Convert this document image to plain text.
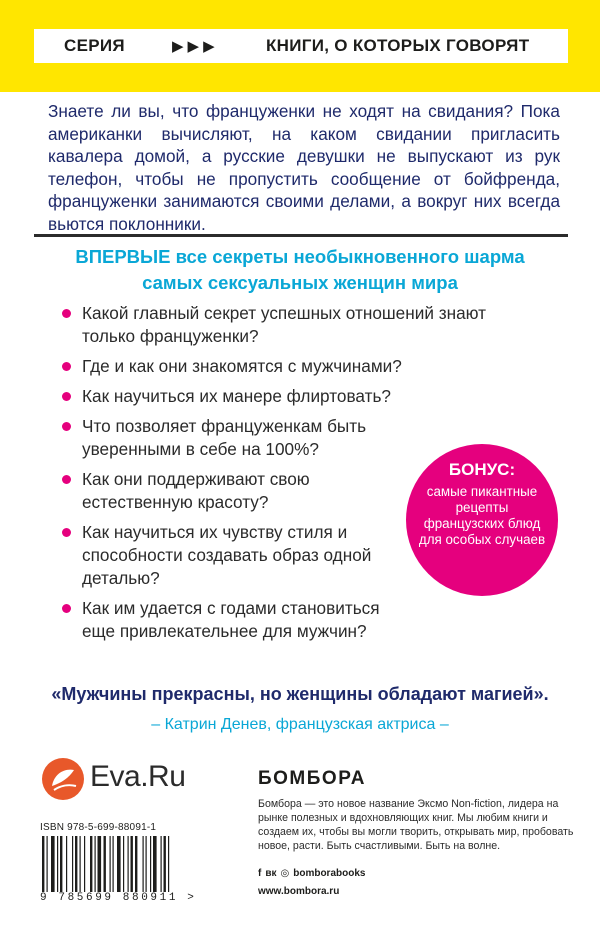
СЕРИЯ	▶▶▶	КНИГИ, О КОТОРЫХ ГОВОРЯТ

Знаете ли вы, что француженки не ходят на свидания? Пока американки вычисляют, на каком свидании пригласить кавалера домой, а русские девушки не выпускают из рук телефон, чтобы не пропустить сообщение от бойфренда, француженки занимаются своими делами, а вокруг них всегда вьются поклонники.

ВПЕРВЫЕ все секреты необыкновенного шарма
самых сексуальных женщин мира
Какой главный секрет успешных отношений знают только француженки?
Где и как они знакомятся с мужчинами?
Как научиться их манере флиртовать?
Что позволяет француженкам быть уверенными в себе на 100%?
Как они поддерживают свою естественную красоту?
Как научиться их чувству стиля и способности создавать образ одной деталью?
Как им удается с годами становиться еще привлекательнее для мужчин?
БОНУС:
самые пикантные рецепты французских блюд для особых случаев
«Мужчины прекрасны, но женщины обладают магией».
– Катрин Денев, французская актриса –
Eva.Ru
ISBN 978-5-699-88091-1
9 785699 880911 >
БОМБОРА
Бомбора — это новое название Эксмо Non-fiction, лидера на рынке полезных и вдохновляющих книг. Мы любим книги и создаем их, чтобы вы могли творить, открывать мир, пробовать новое, расти. Быть счастливыми. Быть на волне.
f вк ◎ bomborabooks
www.bombora.ru
